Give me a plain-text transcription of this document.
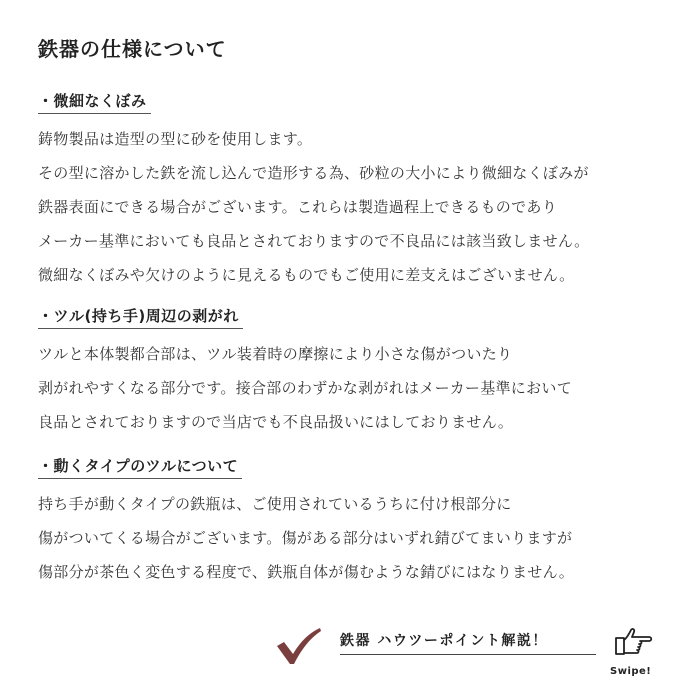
鉄器の仕様について
・微細なくぼみ
鋳物製品は造型の型に砂を使用します。
その型に溶かした鉄を流し込んで造形する為、砂粒の大小により微細なくぼみが
鉄器表面にできる場合がございます。これらは製造過程上できるものであり
メーカー基準においても良品とされておりますので不良品には該当致しません。
微細なくぼみや欠けのように見えるものでもご使用に差支えはございません。
・ツル(持ち手)周辺の剥がれ
ツルと本体製都合部は、ツル装着時の摩擦により小さな傷がついたり
剥がれやすくなる部分です。接合部のわずかな剥がれはメーカー基準において
良品とされておりますので当店でも不良品扱いにはしておりません。
・動くタイプのツルについて
持ち手が動くタイプの鉄瓶は、ご使用されているうちに付け根部分に
傷がついてくる場合がございます。傷がある部分はいずれ錆びてまいりますが
傷部分が茶色く変色する程度で、鉄瓶自体が傷むような錆びにはなりません。
鉄器 ハウツーポイント解説！
Swipe!
